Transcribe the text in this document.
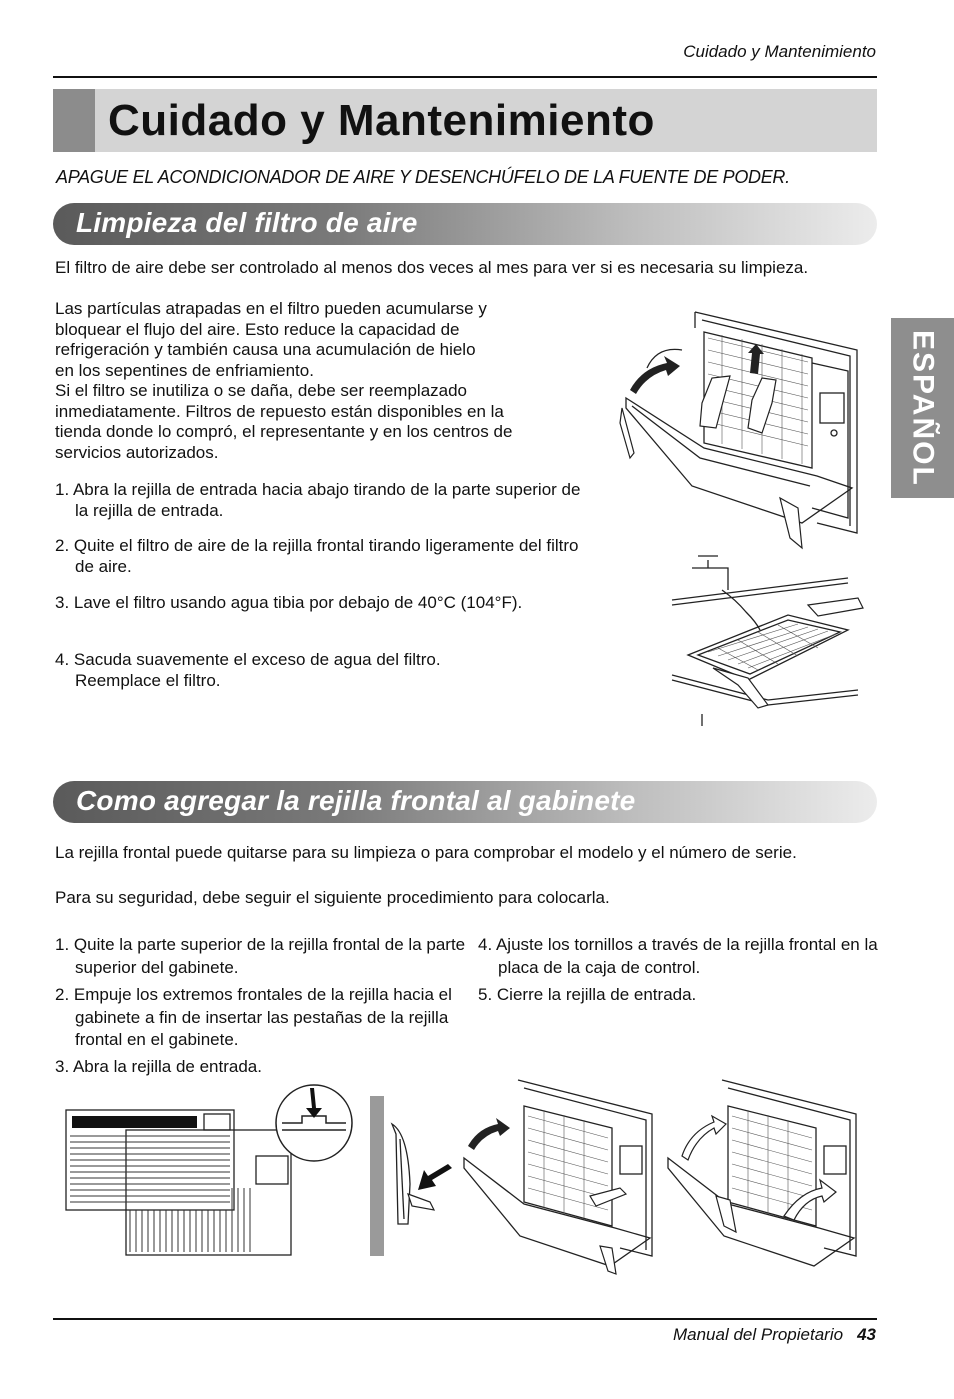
Cuidado y Mantenimiento
Cuidado y Mantenimiento
APAGUE EL ACONDICIONADOR DE AIRE Y DESENCHÚFELO DE LA FUENTE DE PODER.
ESPAÑOL
Limpieza del filtro de aire
El filtro de aire debe ser controlado al menos dos veces al mes para ver si es necesaria su limpieza.
Las partículas atrapadas en el filtro pueden acumularse y
bloquear el flujo del aire. Esto reduce la capacidad de
refrigeración y también causa una acumulación de hielo
en los sepentines de enfriamiento.
Si el filtro se inutiliza o se daña, debe ser reemplazado
inmediatamente. Filtros de repuesto están disponibles en la
tienda donde lo compró, el representante y en los centros de
servicios autorizados.
1. Abra la rejilla de entrada hacia abajo tirando de la parte superior de la rejilla de entrada.
2. Quite el filtro de aire de la rejilla frontal tirando ligeramente del filtro de aire.
3. Lave el filtro usando agua tibia por debajo de 40°C (104°F).
4. Sacuda suavemente el exceso de agua del filtro. Reemplace el filtro.
Como agregar la rejilla frontal al gabinete
La rejilla frontal puede quitarse para su limpieza o para comprobar el modelo y el número de serie.
Para su seguridad, debe seguir el siguiente procedimiento para colocarla.
1. Quite la parte superior de la rejilla frontal de la parte superior del gabinete.
2. Empuje los extremos frontales de la rejilla hacia el gabinete a fin de insertar las pestañas de la rejilla frontal en el gabinete.
3. Abra la rejilla de entrada.
4. Ajuste los tornillos a través de la rejilla frontal en la placa de la caja de control.
5. Cierre la rejilla de entrada.
Manual del Propietario 43
